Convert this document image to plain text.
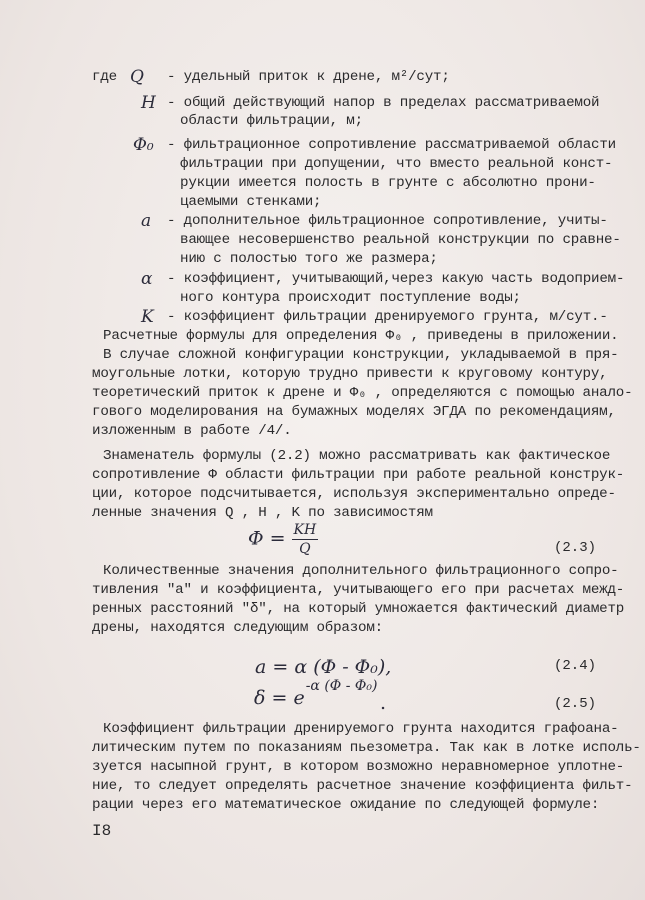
где Q - удельный приток к дрене, м²/сут;
H - общий действующий напор в пределах рассматриваемой
области фильтрации, м;
Φ₀ - фильтрационное сопротивление рассматриваемой области
фильтрации при допущении, что вместо реальной конст-
рукции имеется полость в грунте с абсолютно прони-
цаемыми стенками;
a - дополнительное фильтрационное сопротивление, учиты-
вающее несовершенство реальной конструкции по сравне-
нию с полостью того же размера;
α - коэффициент, учитывающий,через какую часть водоприем-
ного контура происходит поступление воды;
K - коэффициент фильтрации дренируемого грунта, м/сут.-
Расчетные формулы для определения Φ₀ , приведены в приложении.
В случае сложной конфигурации конструкции, укладываемой в пря-
моугольные лотки, которую трудно привести к круговому контуру,
теоретический приток к дрене и Φ₀ , определяются с помощью анало-
гового моделирования на бумажных моделях ЭГДА по рекомендациям,
изложенным в работе /4/.
Знаменатель формулы (2.2) можно рассматривать как фактическое
сопротивление Φ области фильтрации при работе реальной конструк-
ции, которое подсчитывается, используя экспериментально опреде-
ленные значения Q , H , K по зависимостям
$\Phi = \frac{KH}{Q}$	(2.3)
Количественные значения дополнительного фильтрационного сопро-
тивления "a" и коэффициента, учитывающего его при расчетах межд-
ренных расстояний "δ", на который умножается фактический диаметр
дрены, находятся следующим образом:
a = α (Φ - Φ₀),	(2.4)
$\delta = e^{-\alpha (\Phi - \Phi_0)}$
.	(2.5)
Коэффициент фильтрации дренируемого грунта находится графоана-
литическим путем по показаниям пьезометра. Так как в лотке исполь-
зуется насыпной грунт, в котором возможно неравномерное уплотне-
ние, то следует определять расчетное значение коэффициента фильт-
рации через его математическое ожидание по следующей формуле:
I8
